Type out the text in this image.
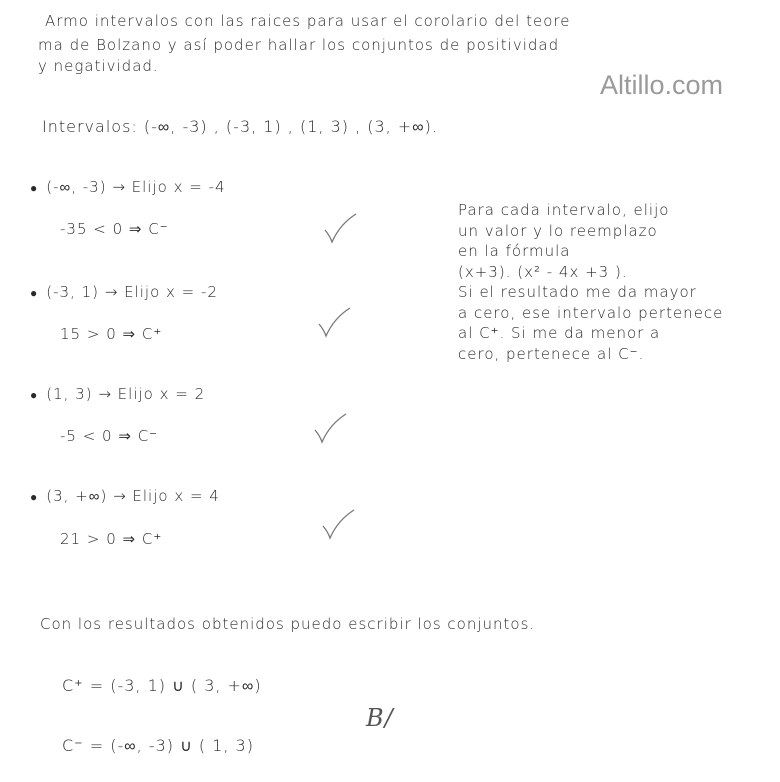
Armo intervalos con las raices para usar el corolario del teore
ma de Bolzano y así poder hallar los conjuntos de positividad
y negatividad.
Altillo.com
Intervalos: (-∞, -3) , (-3, 1) , (1, 3) , (3, +∞).
● (-∞, -3) → Elijo x = -4
-35 < 0 ⇒ C⁻
● (-3, 1) → Elijo x = -2
15 > 0 ⇒ C⁺
● (1, 3) → Elijo x = 2
-5 < 0 ⇒ C⁻
● (3, +∞) → Elijo x = 4
21 > 0 ⇒ C⁺
Para cada intervalo, elijo
un valor y lo reemplazo
en la fórmula
(x+3). (x² - 4x +3 ).
Si el resultado me da mayor
a cero, ese intervalo pertenece
al C⁺. Si me da menor a
cero, pertenece al C⁻.
Con los resultados obtenidos puedo escribir los conjuntos.
C⁺ = (-3, 1) ∪ ( 3, +∞)
C⁻ = (-∞, -3) ∪ ( 1, 3)
B/
